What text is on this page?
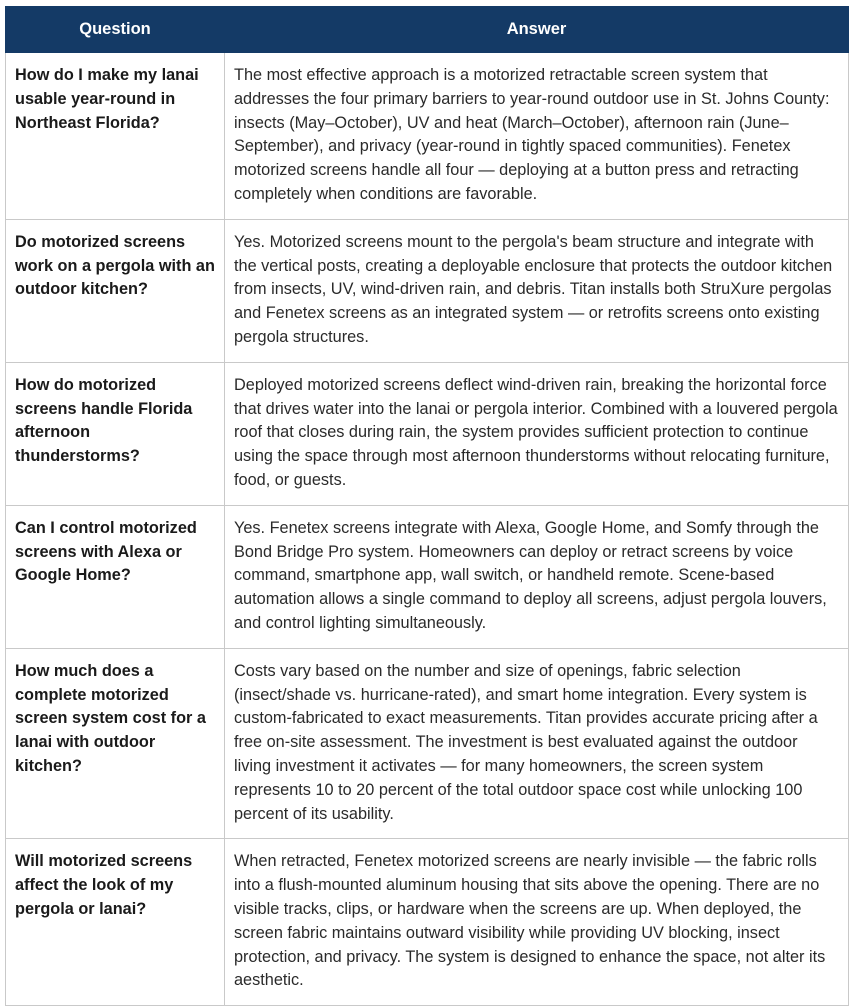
Question	Answer
How do I make my lanai usable year-round in Northeast Florida?	The most effective approach is a motorized retractable screen system that addresses the four primary barriers to year-round outdoor use in St. Johns County: insects (May–October), UV and heat (March–October), afternoon rain (June–September), and privacy (year-round in tightly spaced communities). Fenetex motorized screens handle all four — deploying at a button press and retracting completely when conditions are favorable.
Do motorized screens work on a pergola with an outdoor kitchen?	Yes. Motorized screens mount to the pergola's beam structure and integrate with the vertical posts, creating a deployable enclosure that protects the outdoor kitchen from insects, UV, wind-driven rain, and debris. Titan installs both StruXure pergolas and Fenetex screens as an integrated system — or retrofits screens onto existing pergola structures.
How do motorized screens handle Florida afternoon thunderstorms?	Deployed motorized screens deflect wind-driven rain, breaking the horizontal force that drives water into the lanai or pergola interior. Combined with a louvered pergola roof that closes during rain, the system provides sufficient protection to continue using the space through most afternoon thunderstorms without relocating furniture, food, or guests.
Can I control motorized screens with Alexa or Google Home?	Yes. Fenetex screens integrate with Alexa, Google Home, and Somfy through the Bond Bridge Pro system. Homeowners can deploy or retract screens by voice command, smartphone app, wall switch, or handheld remote. Scene-based automation allows a single command to deploy all screens, adjust pergola louvers, and control lighting simultaneously.
How much does a complete motorized screen system cost for a lanai with outdoor kitchen?	Costs vary based on the number and size of openings, fabric selection (insect/shade vs. hurricane-rated), and smart home integration. Every system is custom-fabricated to exact measurements. Titan provides accurate pricing after a free on-site assessment. The investment is best evaluated against the outdoor living investment it activates — for many homeowners, the screen system represents 10 to 20 percent of the total outdoor space cost while unlocking 100 percent of its usability.
Will motorized screens affect the look of my pergola or lanai?	When retracted, Fenetex motorized screens are nearly invisible — the fabric rolls into a flush-mounted aluminum housing that sits above the opening. There are no visible tracks, clips, or hardware when the screens are up. When deployed, the screen fabric maintains outward visibility while providing UV blocking, insect protection, and privacy. The system is designed to enhance the space, not alter its aesthetic.
